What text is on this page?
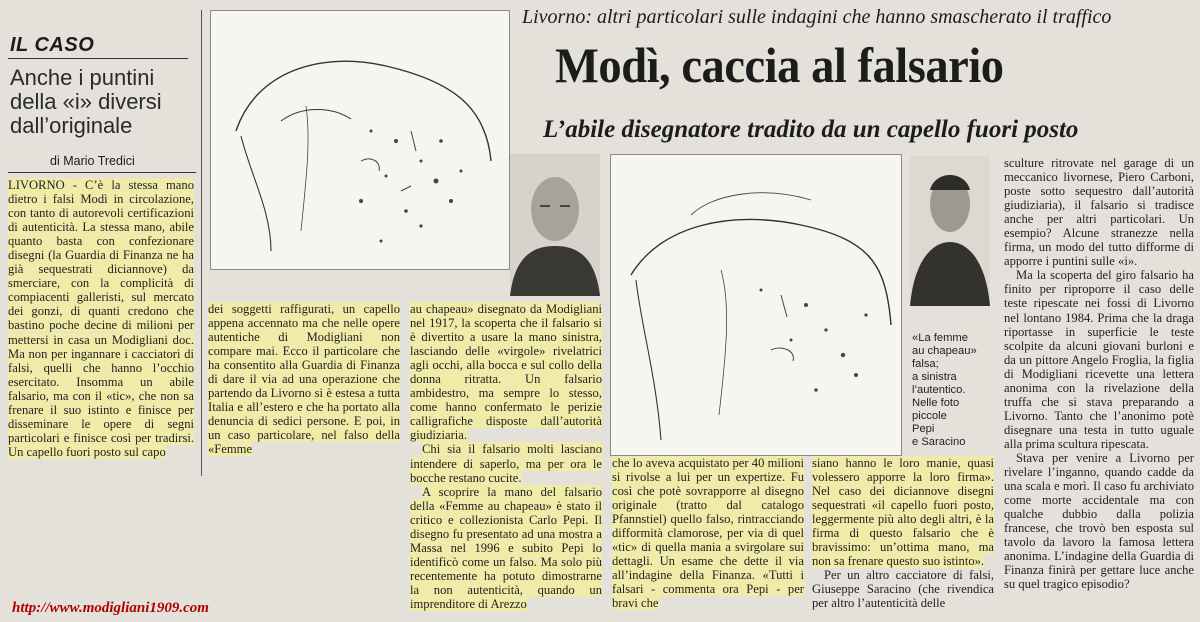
IL CASO
Anche i puntini
della «i» diversi
dall’originale
di Mario Tredici
Livorno: altri particolari sulle indagini che hanno smascherato il traffico
Modì, caccia al falsario
L’abile disegnatore tradito da un capello fuori posto
«La femme
au chapeau»
falsa;
a sinistra
l’autentico.
Nelle foto
piccole
Pepi
e Saracino

LIVORNO - C’è la stessa mano dietro i falsi Modì in circolazione, con tanto di autorevoli certificazioni di autenticità. La stessa mano, abile quanto basta con confezionare disegni (la Guardia di Finanza ne ha già sequestrati diciannove) da smerciare, con la complicità di compiacenti galleristi, sul mercato dei gonzi, di quanti credono che bastino poche decine di milioni per mettersi in casa un Modigliani doc. Ma non per ingannare i cacciatori di falsi, quelli che hanno l’occhio esercitato. Insomma un abile falsario, ma con il «tic», che non sa frenare il suo istinto e finisce per disseminare le opere di segni particolari e finisce così per tradirsi. Un capello fuori posto sul capo

dei soggetti raffigurati, un capello appena accennato ma che nelle opere autentiche di Modigliani non compare mai. Ecco il particolare che ha consentito alla Guardia di Finanza di dare il via ad una operazione che partendo da Livorno si è estesa a tutta Italia e all’estero e che ha portato alla denuncia di sedici persone. E poi, in un caso particolare, nel falso della «Femme

au chapeau» disegnato da Modigliani nel 1917, la scoperta che il falsario si è divertito a usare la mano sinistra, lasciando delle «virgole» rivelatrici agli occhi, alla bocca e sul collo della donna ritratta. Un falsario ambidestro, ma sempre lo stesso, come hanno confermato le perizie calligrafiche disposte dall’autorità giudiziaria.

Chi sia il falsario molti lasciano intendere di saperlo, ma per ora le bocche restano cucite.

A scoprire la mano del falsario della «Femme au chapeau» è stato il critico e collezionista Carlo Pepi. Il disegno fu presentato ad una mostra a Massa nel 1996 e subito Pepi lo identificò come un falso. Ma solo più recentemente ha potuto dimostrarne la non autenticità, quando un imprenditore di Arezzo

che lo aveva acquistato per 40 milioni si rivolse a lui per un expertize. Fu così che potè sovrapporre al disegno originale (tratto dal catalogo Pfannstiel) quello falso, rintracciando difformità clamorose, per via di quel «tic» di quella mania a svirgolare sui dettagli. Un esame che dette il via all’indagine della Finanza. «Tutti i falsari - commenta ora Pepi - per bravi che

siano hanno le loro manie, quasi volessero apporre la loro firma». Nel caso dei diciannove disegni sequestrati «il capello fuori posto, leggermente più alto degli altri, è la firma di questo falsario che è bravissimo: un’ottima mano, ma non sa frenare questo suo istinto».

Per un altro cacciatore di falsi, Giuseppe Saracino (che rivendica per altro l’autenticità delle

sculture ritrovate nel garage di un meccanico livornese, Piero Carboni, poste sotto sequestro dall’autorità giudiziaria), il falsario si tradisce anche per altri particolari. Un esempio? Alcune stranezze nella firma, un modo del tutto difforme di apporre i puntini sulle «i».

Ma la scoperta del giro falsario ha finito per riproporre il caso delle teste ripescate nei fossi di Livorno nel lontano 1984. Prima che la draga riportasse in superficie le teste scolpite da alcuni giovani burloni e da un pittore Angelo Froglia, la figlia di Modigliani ricevette una lettera anonima con la rivelazione della truffa che si stava preparando a Livorno. Tanto che l’anonimo potè disegnare una testa in tutto uguale alla prima scultura ripescata.

Stava per venire a Livorno per rivelare l’inganno, quando cadde da una scala e morì. Il caso fu archiviato come morte accidentale ma con qualche dubbio dalla polizia francese, che trovò ben esposta sul tavolo da lavoro la famosa lettera anonima. L’indagine della Guardia di Finanza finirà per gettare luce anche su quel tragico episodio?

http://www.modigliani1909.com
